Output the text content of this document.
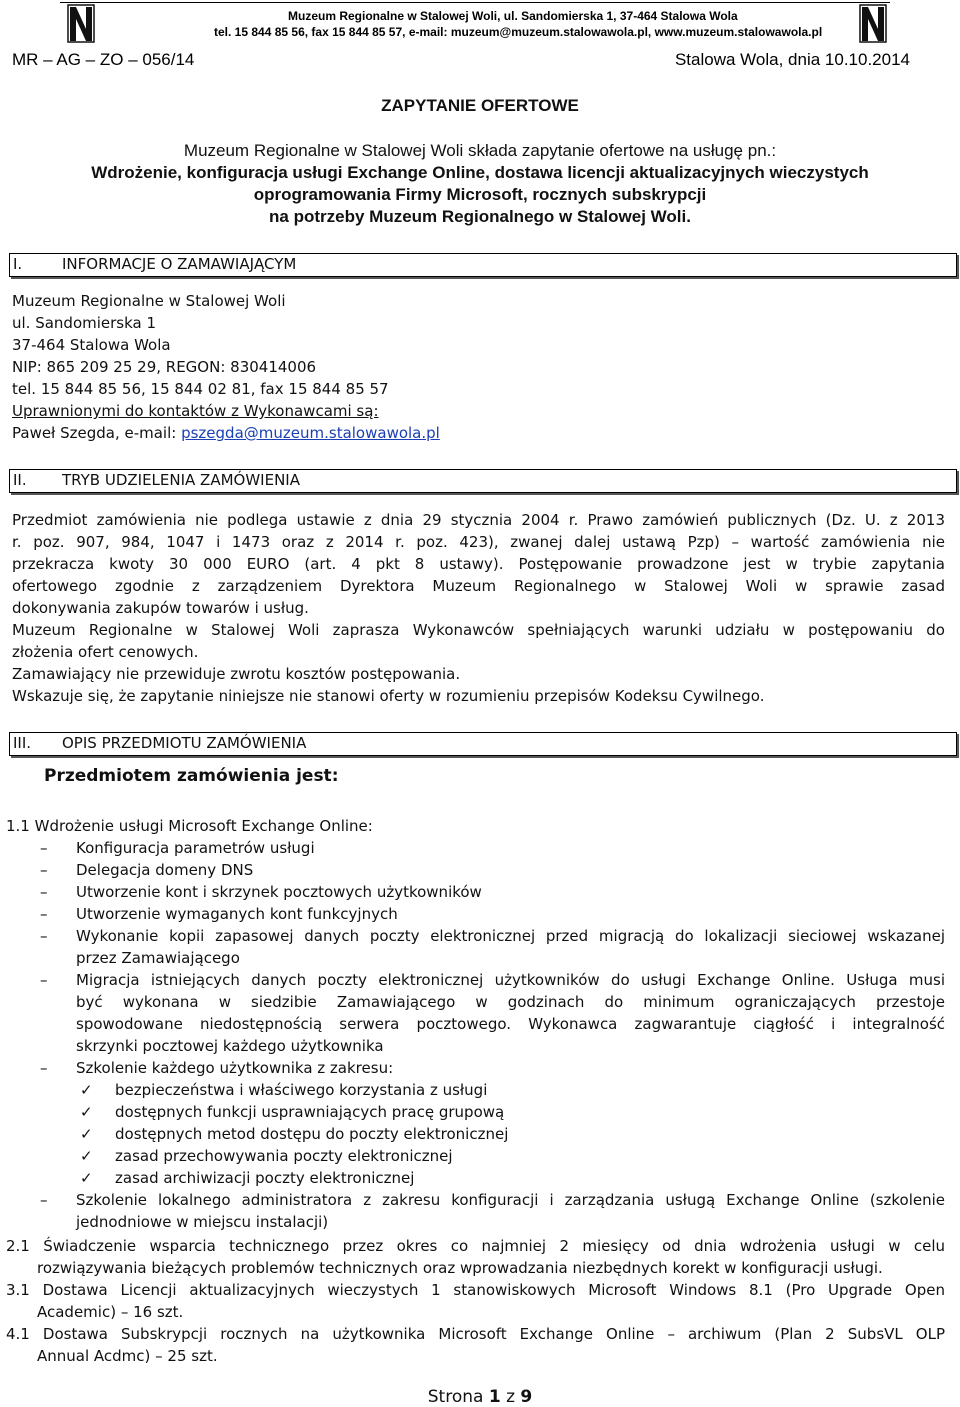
Muzeum Regionalne w Stalowej Woli, ul. Sandomierska 1, 37-464 Stalowa Wola
tel. 15 844 85 56, fax 15 844 85 57, e-mail: muzeum@muzeum.stalowawola.pl, www.muzeum.stalowawola.pl
MR – AG – ZO – 056/14	Stalowa Wola, dnia 10.10.2014
ZAPYTANIE OFERTOWE
Muzeum Regionalne w Stalowej Woli składa zapytanie ofertowe na usługę pn.:
Wdrożenie, konfiguracja usługi Exchange Online, dostawa licencji aktualizacyjnych wieczystych
oprogramowania Firmy Microsoft, rocznych subskrypcji
na potrzeby Muzeum Regionalnego w Stalowej Woli.
I.	INFORMACJE O ZAMAWIAJĄCYM
Muzeum Regionalne w Stalowej Woli
ul. Sandomierska 1
37-464 Stalowa Wola
NIP: 865 209 25 29, REGON: 830414006
tel. 15 844 85 56, 15 844 02 81, fax 15 844 85 57
Uprawnionymi do kontaktów z Wykonawcami są:
Paweł Szegda, e-mail: pszegda@muzeum.stalowawola.pl
II. TRYB UDZIELENIA ZAMÓWIENIA
Przedmiot zamówienia nie podlega ustawie z dnia 29 stycznia 2004 r. Prawo zamówień publicznych (Dz. U. z 2013
r. poz. 907, 984, 1047 i 1473 oraz z 2014 r. poz. 423), zwanej dalej ustawą Pzp) – wartość zamówienia nie
przekracza kwoty 30 000 EURO (art. 4 pkt 8 ustawy). Postępowanie prowadzone jest w trybie zapytania
ofertowego zgodnie z zarządzeniem Dyrektora Muzeum Regionalnego w Stalowej Woli w sprawie zasad
dokonywania zakupów towarów i usług.
Muzeum Regionalne w Stalowej Woli zaprasza Wykonawców spełniających warunki udziału w postępowaniu do
złożenia ofert cenowych.
Zamawiający nie przewiduje zwrotu kosztów postępowania.
Wskazuje się, że zapytanie niniejsze nie stanowi oferty w rozumieniu przepisów Kodeksu Cywilnego.
III. OPIS PRZEDMIOTU ZAMÓWIENIA
Przedmiotem zamówienia jest:
1.1 Wdrożenie usługi Microsoft Exchange Online:
– Konfiguracja parametrów usługi
– Delegacja domeny DNS
– Utworzenie kont i skrzynek pocztowych użytkowników
– Utworzenie wymaganych kont funkcyjnych
– Wykonanie kopii zapasowej danych poczty elektronicznej przed migracją do lokalizacji sieciowej wskazanej
przez Zamawiającego
– Migracja istniejących danych poczty elektronicznej użytkowników do usługi Exchange Online. Usługa musi
być wykonana w siedzibie Zamawiającego w godzinach do minimum ograniczających przestoje
spowodowane niedostępnością serwera pocztowego. Wykonawca zagwarantuje ciągłość i integralność
skrzynki pocztowej każdego użytkownika
– Szkolenie każdego użytkownika z zakresu:
✓ bezpieczeństwa i właściwego korzystania z usługi
✓ dostępnych funkcji usprawniających pracę grupową
✓ dostępnych metod dostępu do poczty elektronicznej
✓ zasad przechowywania poczty elektronicznej
✓ zasad archiwizacji poczty elektronicznej
– Szkolenie lokalnego administratora z zakresu konfiguracji i zarządzania usługą Exchange Online (szkolenie
jednodniowe w miejscu instalacji)
2.1 Świadczenie wsparcia technicznego przez okres co najmniej 2 miesięcy od dnia wdrożenia usługi w celu
rozwiązywania bieżących problemów technicznych oraz wprowadzania niezbędnych korekt w konfiguracji usługi.
3.1 Dostawa Licencji aktualizacyjnych wieczystych 1 stanowiskowych Microsoft Windows 8.1 (Pro Upgrade Open
Academic) – 16 szt.
4.1 Dostawa Subskrypcji rocznych na użytkownika Microsoft Exchange Online – archiwum (Plan 2 SubsVL OLP
Annual Acdmc) – 25 szt.
Strona 1 z 9
